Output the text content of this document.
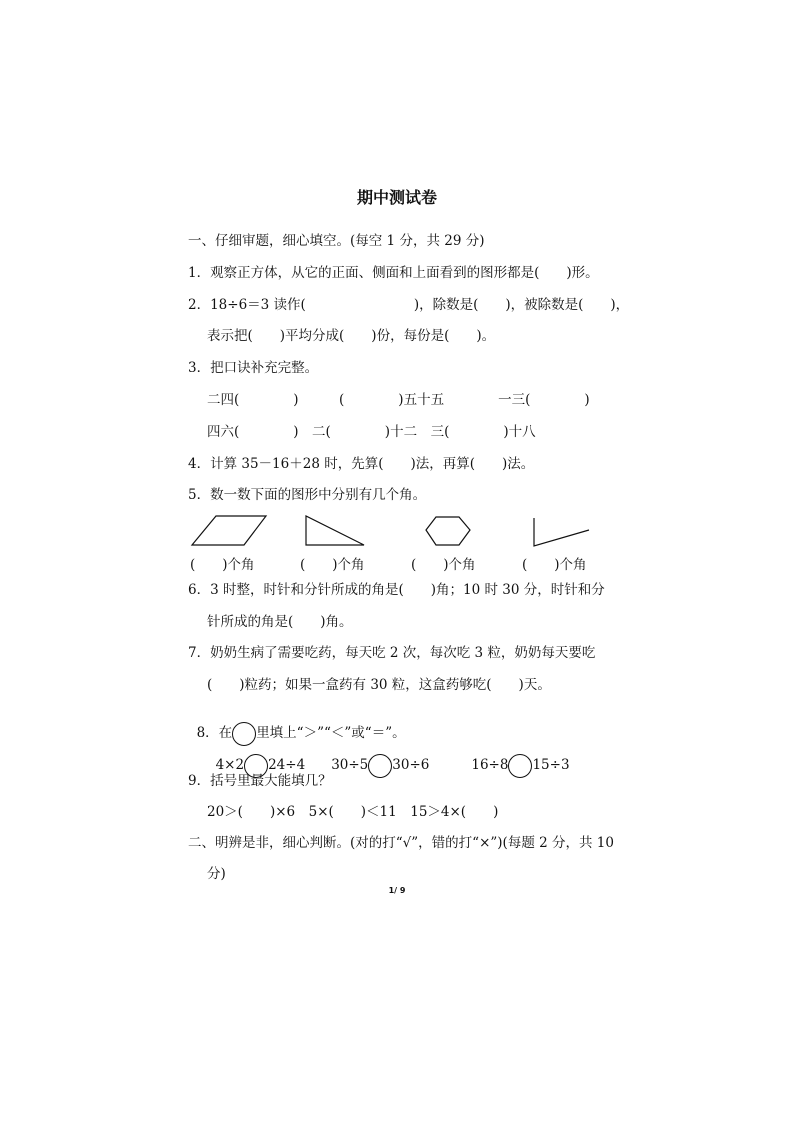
期中测试卷
一、仔细审题，细心填空。(每空 1 分，共 29 分)
1．观察正方体，从它的正面、侧面和上面看到的图形都是(　　)形。
2．18÷6＝3 读作(　　　　　　　　)，除数是(　　)，被除数是(　　)，
表示把(　　)平均分成(　　)份，每份是(　　)。
3．把口诀补充完整。
二四(　　　　)　　　(　　　　)五十五　　　　一三(　　　　)
四六(　　　　)　二(　　　　)十二　三(　　　　)十八
4．计算 35－16＋28 时，先算(　　)法，再算(　　)法。
5．数一数下面的图形中分别有几个角。
(　　)个角	(　　)个角	(　　)个角	(　　)个角
6．3 时整，时针和分针所成的角是(　　)角；10 时 30 分，时针和分
针所成的角是(　　)角。
7．奶奶生病了需要吃药，每天吃 2 次，每次吃 3 粒，奶奶每天要吃
(　　)粒药；如果一盒药有 30 粒，这盒药够吃(　　)天。

8．在 里填上“＞”“＜”或“＝”。

4×2 24÷4 30÷5 30÷6	16÷8 15÷3

9．括号里最大能填几？
20＞(　　)×6　5×(　　)＜11　15＞4×(　　)
二、明辨是非，细心判断。(对的打“√”，错的打“×”)(每题 2 分，共 10
分)
1/ 9
